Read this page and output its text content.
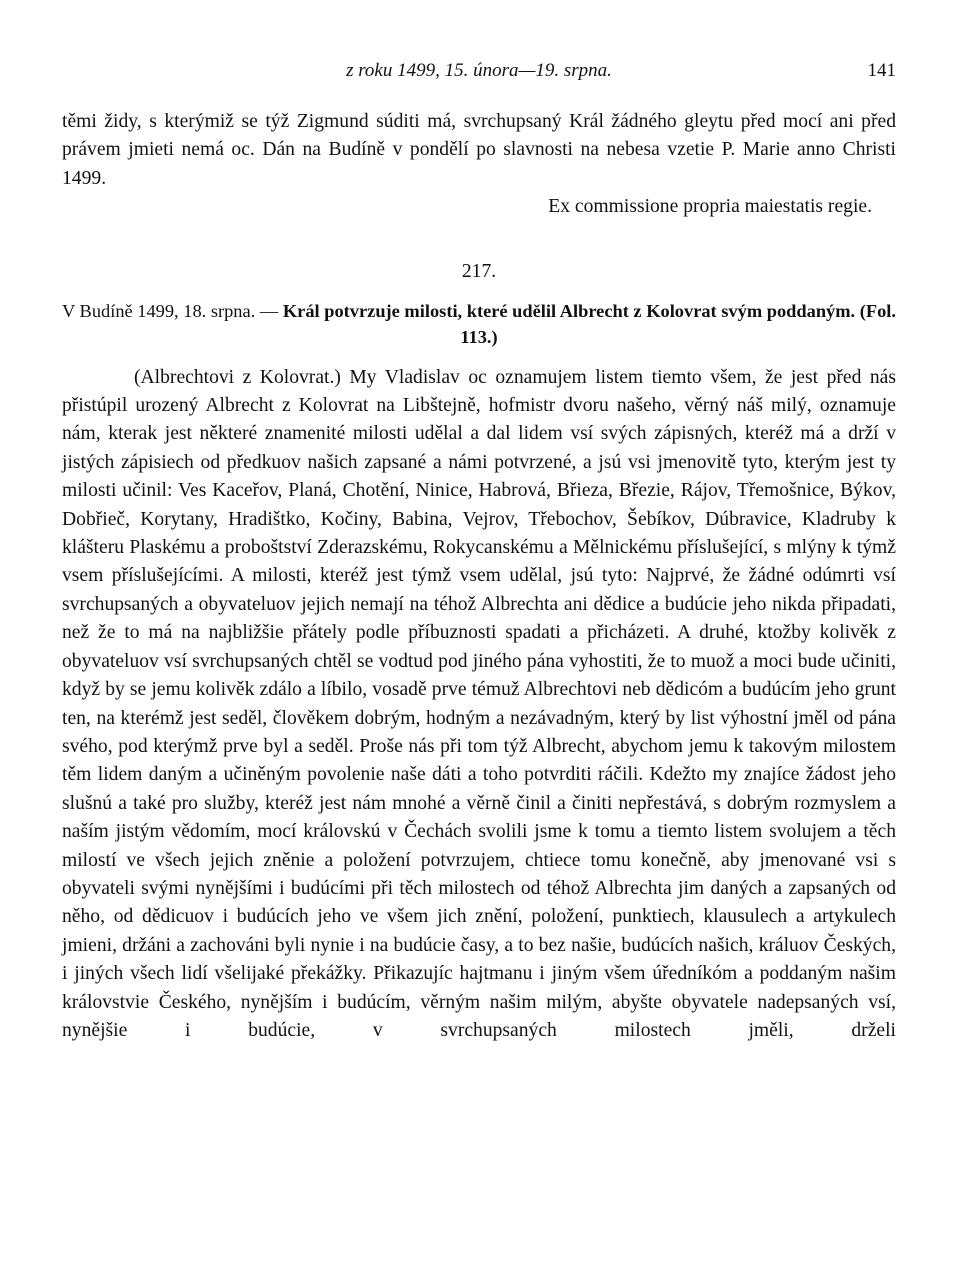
z roku 1499, 15. února—19. srpna.	141

těmi židy, s kterýmiž se týž Zigmund súditi má, svrchupsaný Král žádného gleytu před mocí ani před právem jmieti nemá oc. Dán na Budíně v pondělí po slavnosti na nebesa vzetie P. Marie anno Christi 1499.

Ex commissione propria maiestatis regie.

217.

V Budíně 1499, 18. srpna. — Král potvrzuje milosti, které udělil Albrecht z Kolovrat svým poddaným. (Fol. 113.)

(Albrechtovi z Kolovrat.) My Vladislav oc oznamujem listem tiemto všem, že jest před nás přistúpil urozený Albrecht z Kolovrat na Libštejně, hofmistr dvoru našeho, věrný náš milý, oznamuje nám, kterak jest některé znamenité milosti udělal a dal lidem vsí svých zápisných, kteréž má a drží v jistých zápisiech od předkuov našich zapsané a námi potvrzené, a jsú vsi jmenovitě tyto, kterým jest ty milosti učinil: Ves Kaceřov, Planá, Chotění, Ninice, Habrová, Břieza, Březie, Rájov, Třemošnice, Býkov, Dobřieč, Korytany, Hradištko, Kočiny, Babina, Vejrov, Třebochov, Šebíkov, Dúbravice, Kladruby k klášteru Plaskému a proboštství Zderazskému, Rokycanskému a Mělnickému příslušející, s mlýny k týmž vsem příslušejícími. A milosti, kteréž jest týmž vsem udělal, jsú tyto: Najprvé, že žádné odúmrti vsí svrchupsaných a obyvateluov jejich nemají na téhož Albrechta ani dědice a budúcie jeho nikda připadati, než že to má na najbližšie přátely podle příbuznosti spadati a přicházeti. A druhé, ktožby kolivěk z obyvateluov vsí svrchupsaných chtěl se vodtud pod jiného pána vyhostiti, že to muož a moci bude učiniti, když by se jemu kolivěk zdálo a líbilo, vosadě prve témuž Albrechtovi neb dědicóm a budúcím jeho grunt ten, na kterémž jest seděl, člověkem dobrým, hodným a nezávadným, který by list výhostní jměl od pána svého, pod kterýmž prve byl a seděl. Proše nás při tom týž Albrecht, abychom jemu k takovým milostem těm lidem daným a učiněným povolenie naše dáti a toho potvrditi ráčili. Kdežto my znajíce žádost jeho slušnú a také pro služby, kteréž jest nám mnohé a věrně činil a činiti nepřestává, s dobrým rozmyslem a naším jistým vědomím, mocí královskú v Čechách svolili jsme k tomu a tiemto listem svolujem a těch milostí ve všech jejich zněnie a položení potvrzujem, chtiece tomu konečně, aby jmenované vsi s obyvateli svými nynějšími i budúcími při těch milostech od téhož Albrechta jim daných a zapsaných od něho, od dědicuov i budúcích jeho ve všem jich znění, položení, punktiech, klausulech a artykulech jmieni, držáni a zachováni byli nynie i na budúcie časy, a to bez našie, budúcích našich, králuov Českých, i jiných všech lidí všelijaké překážky. Přikazujíc hajtmanu i jiným všem úředníkóm a poddaným našim královstvie Českého, nynějším i budúcím, věrným našim milým, abyšte obyvatele nadepsaných vsí, nynějšie i budúcie, v svrchupsaných milostech jměli, drželi
